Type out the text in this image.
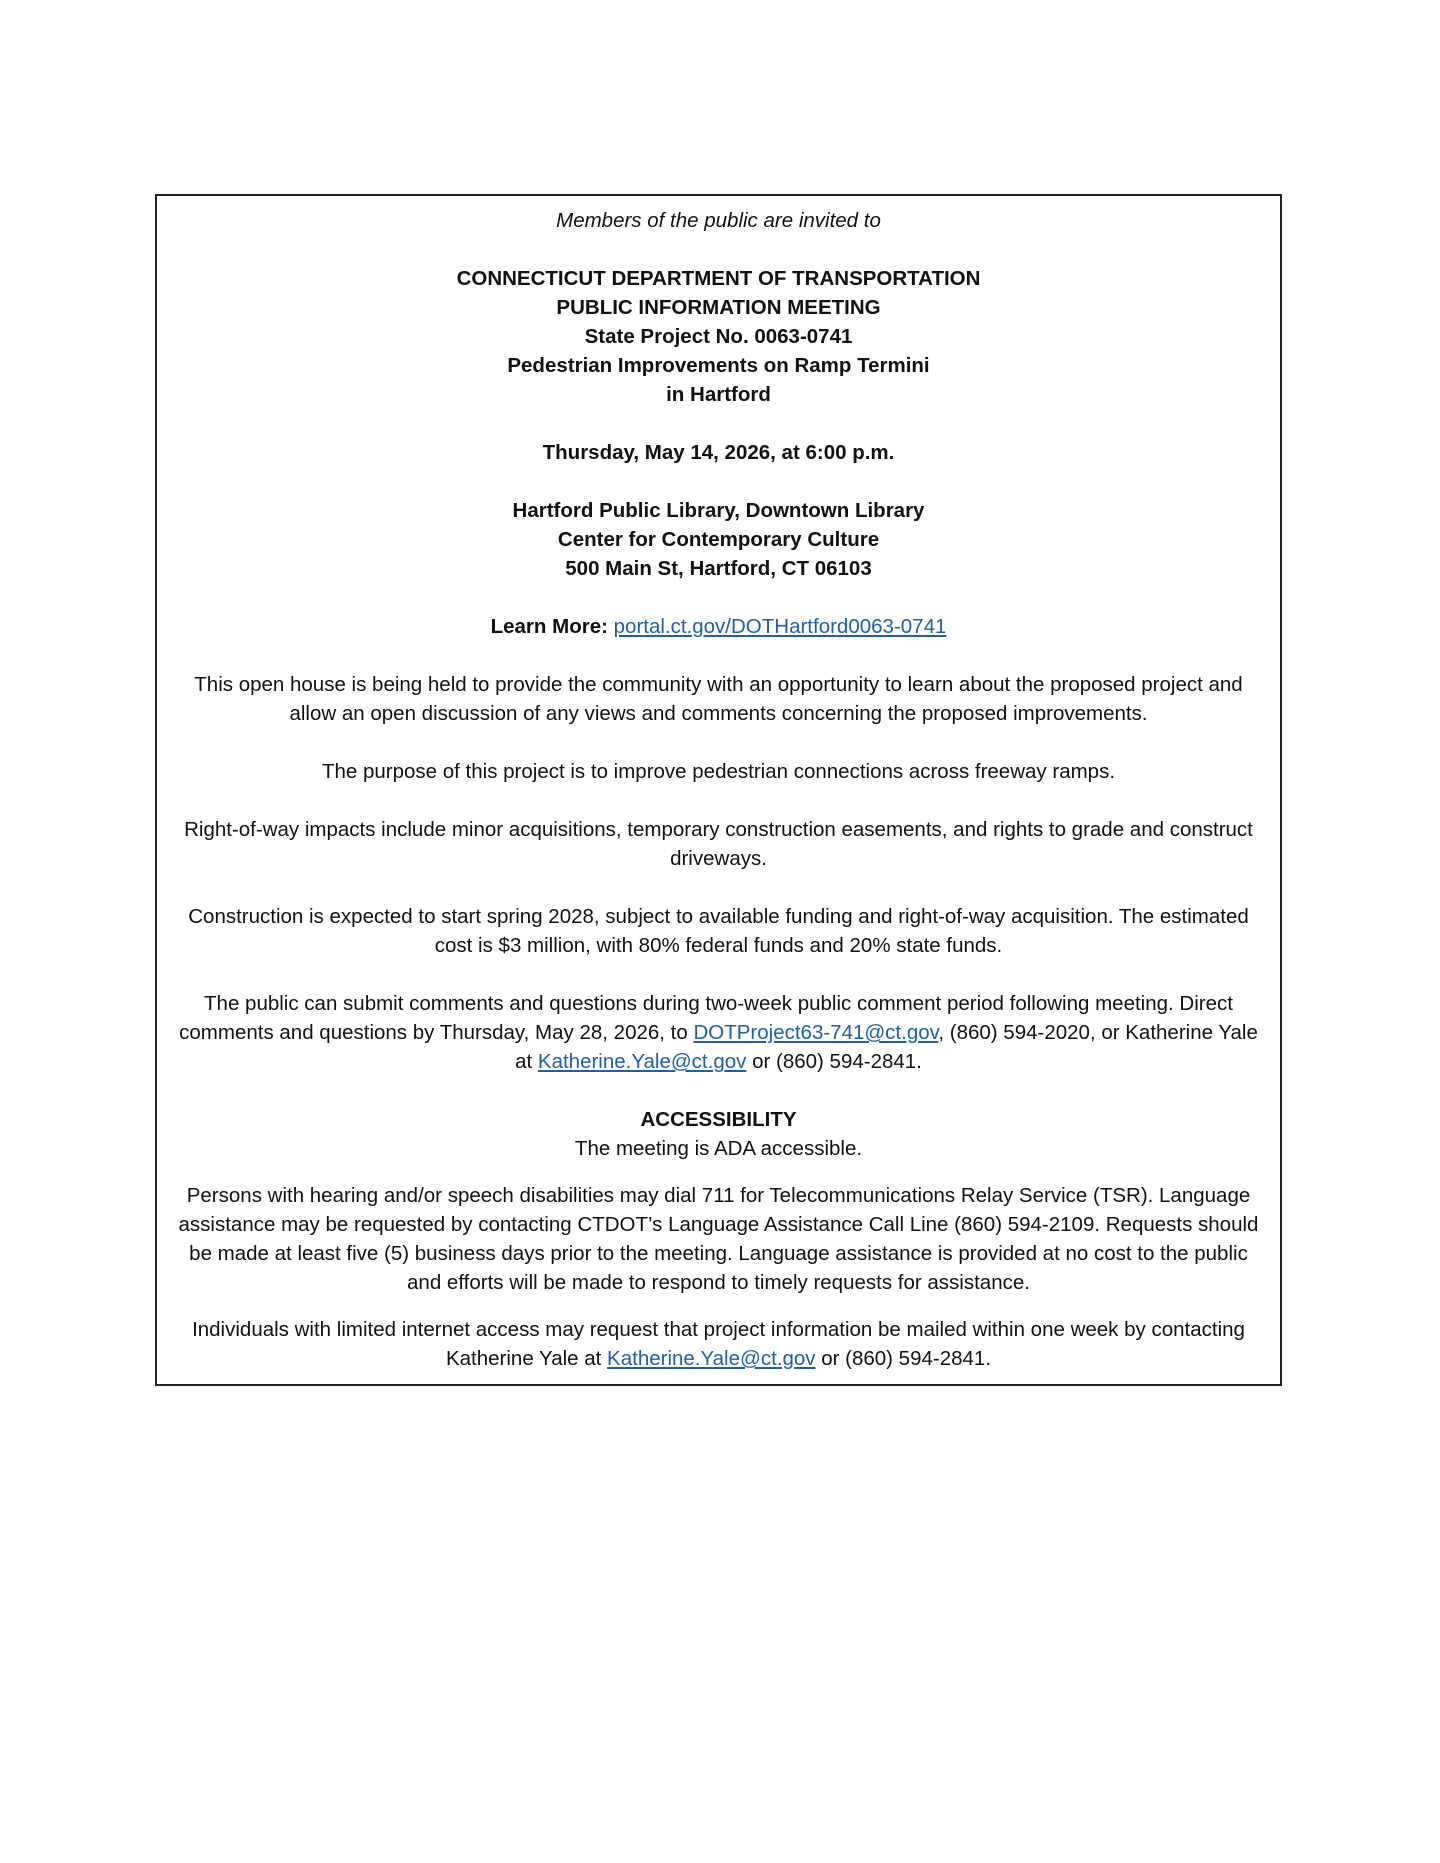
Members of the public are invited to

CONNECTICUT DEPARTMENT OF TRANSPORTATION
PUBLIC INFORMATION MEETING
State Project No. 0063-0741
Pedestrian Improvements on Ramp Termini
in Hartford

Thursday, May 14, 2026, at 6:00 p.m.

Hartford Public Library, Downtown Library
Center for Contemporary Culture
500 Main St, Hartford, CT 06103

Learn More: portal.ct.gov/DOTHartford0063-0741

This open house is being held to provide the community with an opportunity to learn about the proposed project and allow an open discussion of any views and comments concerning the proposed improvements.

The purpose of this project is to improve pedestrian connections across freeway ramps.

Right-of-way impacts include minor acquisitions, temporary construction easements, and rights to grade and construct driveways.

Construction is expected to start spring 2028, subject to available funding and right-of-way acquisition. The estimated cost is $3 million, with 80% federal funds and 20% state funds.

The public can submit comments and questions during two-week public comment period following meeting. Direct comments and questions by Thursday, May 28, 2026, to DOTProject63-741@ct.gov, (860) 594-2020, or Katherine Yale at Katherine.Yale@ct.gov or (860) 594-2841.

ACCESSIBILITY

The meeting is ADA accessible.

Persons with hearing and/or speech disabilities may dial 711 for Telecommunications Relay Service (TSR). Language assistance may be requested by contacting CTDOT’s Language Assistance Call Line (860) 594-2109. Requests should be made at least five (5) business days prior to the meeting. Language assistance is provided at no cost to the public and efforts will be made to respond to timely requests for assistance.

Individuals with limited internet access may request that project information be mailed within one week by contacting Katherine Yale at Katherine.Yale@ct.gov or (860) 594-2841.
